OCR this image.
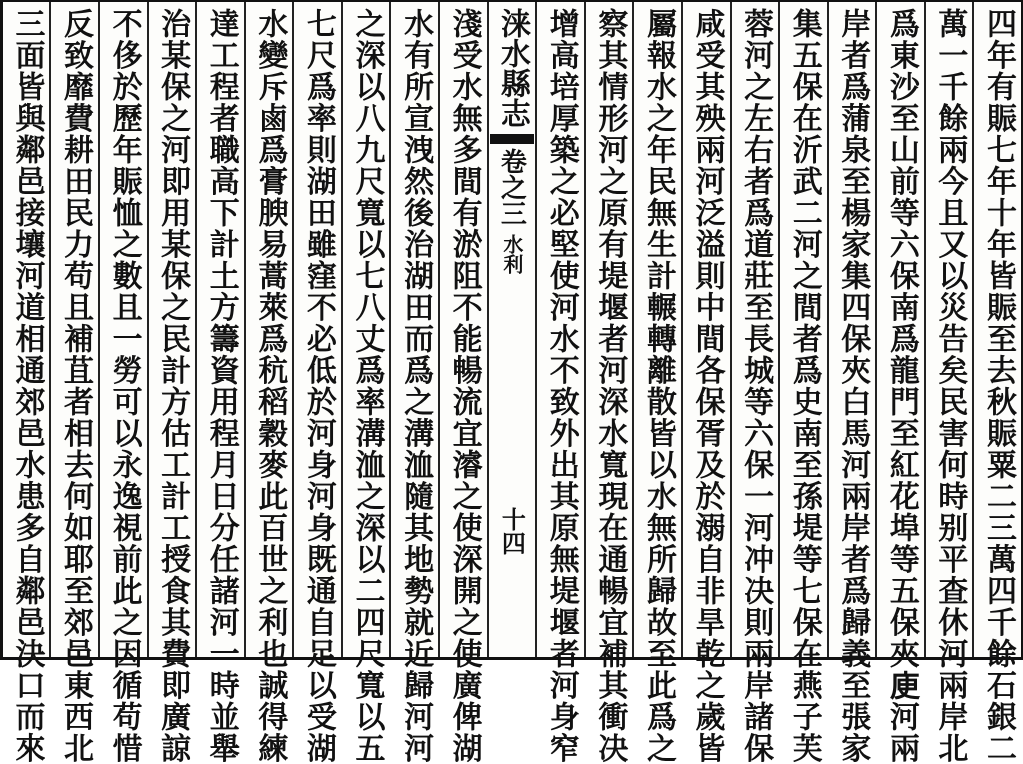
四年有賑七年十年皆賑至去秋賑粟二三萬四千餘石銀二
萬一千餘兩今且又以災告矣民害何時别平查休河兩岸北
爲東沙至山前等六保南爲龍門至紅花埠等五保夾𢈔河兩
岸者爲蒲泉至楊家集四保夾白馬河兩岸者爲歸義至張家
集五保在沂武二河之間者爲史南至孫堤等七保在燕子芙
蓉河之左右者爲道莊至長城等六保一河冲决則兩岸諸保
咸受其殃兩河泛溢則中間各保胥及於溺自非旱乾之歲皆
屬報水之年民無生計輾轉離散皆以水無所歸故至此爲之
察其情形河之原有堤堰者河深水寬現在通暢宜補其衝决
增高培厚築之必堅使河水不致外出其原無堤堰者河身窄
涞水縣志
卷之三
水利
十四
淺受水無多間有淤阻不能暢流宜濬之使深開之使廣俾湖
水有所宣洩然後治湖田而爲之溝洫隨其地勢就近歸河河
之深以八九尺寬以七八丈爲率溝洫之深以二四尺寬以五
七尺爲率則湖田雖窪不必低於河身河身既通自足以受湖
水變斥鹵爲膏腴易蒿萊爲秔稻穀麥此百世之利也誠得練
達工程者職高下計土方籌資用程月日分任諸河一時並舉
治某保之河即用某保之民計方估工計工授食其費即廣諒
不侈於歷年賑恤之數且一勞可以永逸視前此之因循苟惜
反致靡費耕田民力苟且補苴者相去何如耶至郊邑東西北
三面皆與鄰邑接壤河道相通郊邑水患多自鄰邑決口而來
